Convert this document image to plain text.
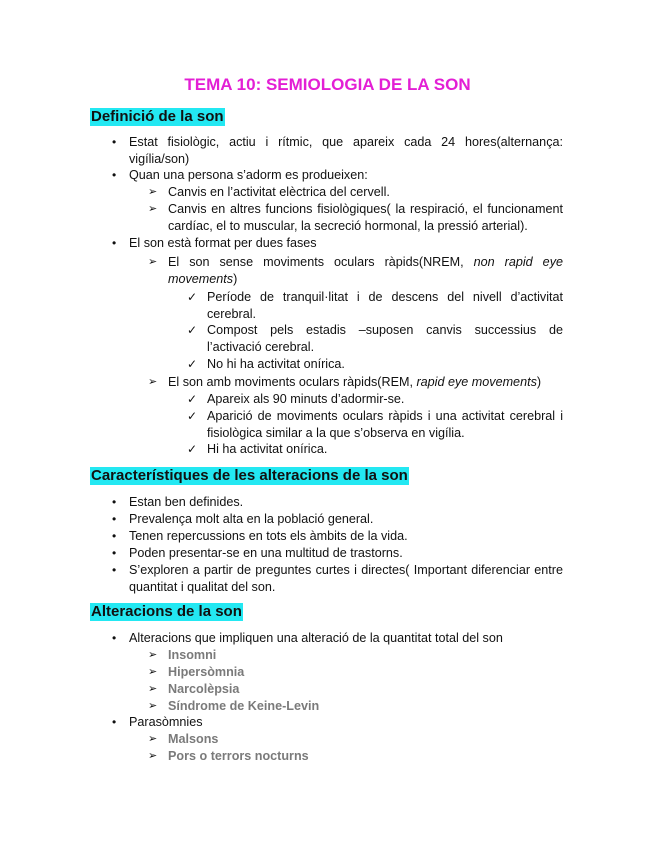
TEMA 10: SEMIOLOGIA DE LA SON
Definició de la son
• Estat fisiològic, actiu i rítmic, que apareix cada 24 hores(alternança: vigília/son)
• Quan una persona s’adorm es produeixen:
➢ Canvis en l’activitat elèctrica del cervell.
➢ Canvis en altres funcions fisiològiques( la respiració, el funcionament cardíac, el to muscular, la secreció hormonal, la pressió arterial).
• El son està format per dues fases
➢ El son sense moviments oculars ràpids(NREM, non rapid eye movements)
✓ Període de tranquil·litat i de descens del nivell d’activitat cerebral.
✓ Compost pels estadis –suposen canvis successius de l’activació cerebral.
✓ No hi ha activitat onírica.
➢ El son amb moviments oculars ràpids(REM, rapid eye movements)
✓ Apareix als 90 minuts d’adormir-se.
✓ Aparició de moviments oculars ràpids i una activitat cerebral i fisiològica similar a la que s’observa en vigília.
✓ Hi ha activitat onírica.
Característiques de les alteracions de la son
• Estan ben definides.
• Prevalença molt alta en la població general.
• Tenen repercussions en tots els àmbits de la vida.
• Poden presentar-se en una multitud de trastorns.
• S’exploren a partir de preguntes curtes i directes( Important diferenciar entre quantitat i qualitat del son.
Alteracions de la son
• Alteracions que impliquen una alteració de la quantitat total del son
➢ Insomni
➢ Hipersòmnia
➢ Narcolèpsia
➢ Síndrome de Keine-Levin
• Parasòmnies
➢ Malsons
➢ Pors o terrors nocturns
